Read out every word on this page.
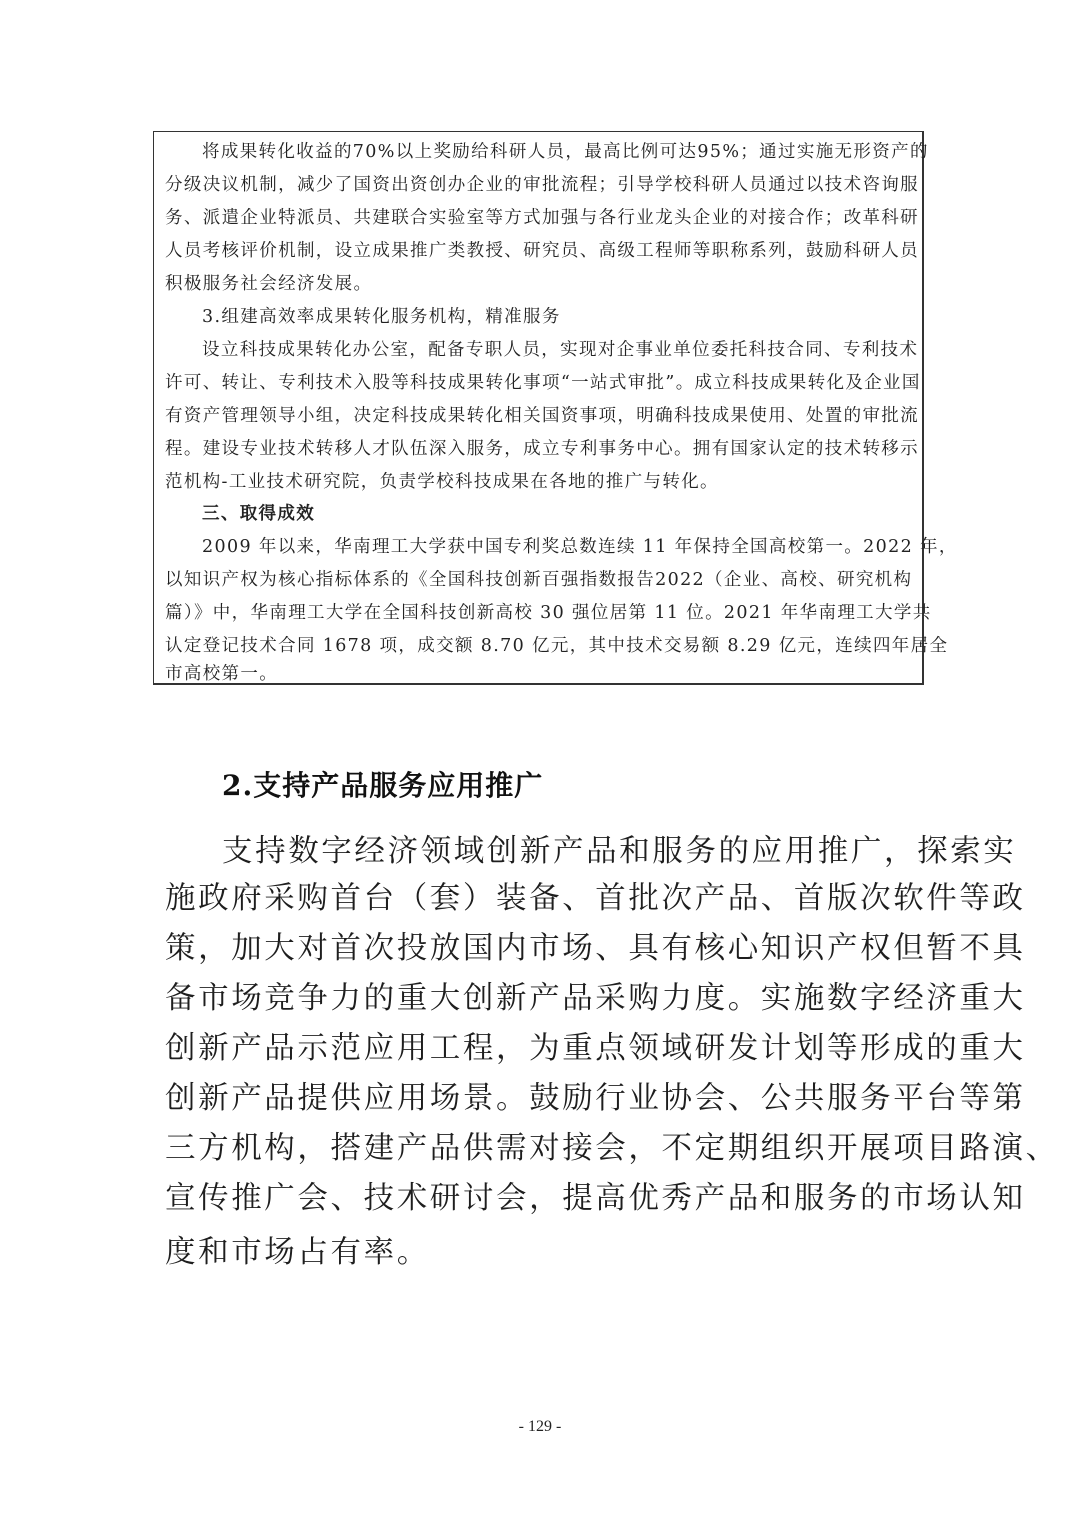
将成果转化收益的70%以上奖励给科研人员，最高比例可达95%；通过实施无形资产的
分级决议机制，减少了国资出资创办企业的审批流程；引导学校科研人员通过以技术咨询服
务、派遣企业特派员、共建联合实验室等方式加强与各行业龙头企业的对接合作；改革科研
人员考核评价机制，设立成果推广类教授、研究员、高级工程师等职称系列，鼓励科研人员
积极服务社会经济发展。
3.组建高效率成果转化服务机构，精准服务
设立科技成果转化办公室，配备专职人员，实现对企事业单位委托科技合同、专利技术
许可、转让、专利技术入股等科技成果转化事项“一站式审批”。成立科技成果转化及企业国
有资产管理领导小组，决定科技成果转化相关国资事项，明确科技成果使用、处置的审批流
程。建设专业技术转移人才队伍深入服务，成立专利事务中心。拥有国家认定的技术转移示
范机构-工业技术研究院，负责学校科技成果在各地的推广与转化。
三、取得成效
2009 年以来，华南理工大学获中国专利奖总数连续 11 年保持全国高校第一。2022 年，
以知识产权为核心指标体系的《全国科技创新百强指数报告2022（企业、高校、研究机构
篇）》中，华南理工大学在全国科技创新高校 30 强位居第 11 位。2021 年华南理工大学共
认定登记技术合同 1678 项，成交额 8.70 亿元，其中技术交易额 8.29 亿元，连续四年居全
市高校第一。
2.支持产品服务应用推广
支持数字经济领域创新产品和服务的应用推广，探索实
施政府采购首台（套）装备、首批次产品、首版次软件等政
策，加大对首次投放国内市场、具有核心知识产权但暂不具
备市场竞争力的重大创新产品采购力度。实施数字经济重大
创新产品示范应用工程，为重点领域研发计划等形成的重大
创新产品提供应用场景。鼓励行业协会、公共服务平台等第
三方机构，搭建产品供需对接会，不定期组织开展项目路演、
宣传推广会、技术研讨会，提高优秀产品和服务的市场认知
度和市场占有率。
- 129 -
